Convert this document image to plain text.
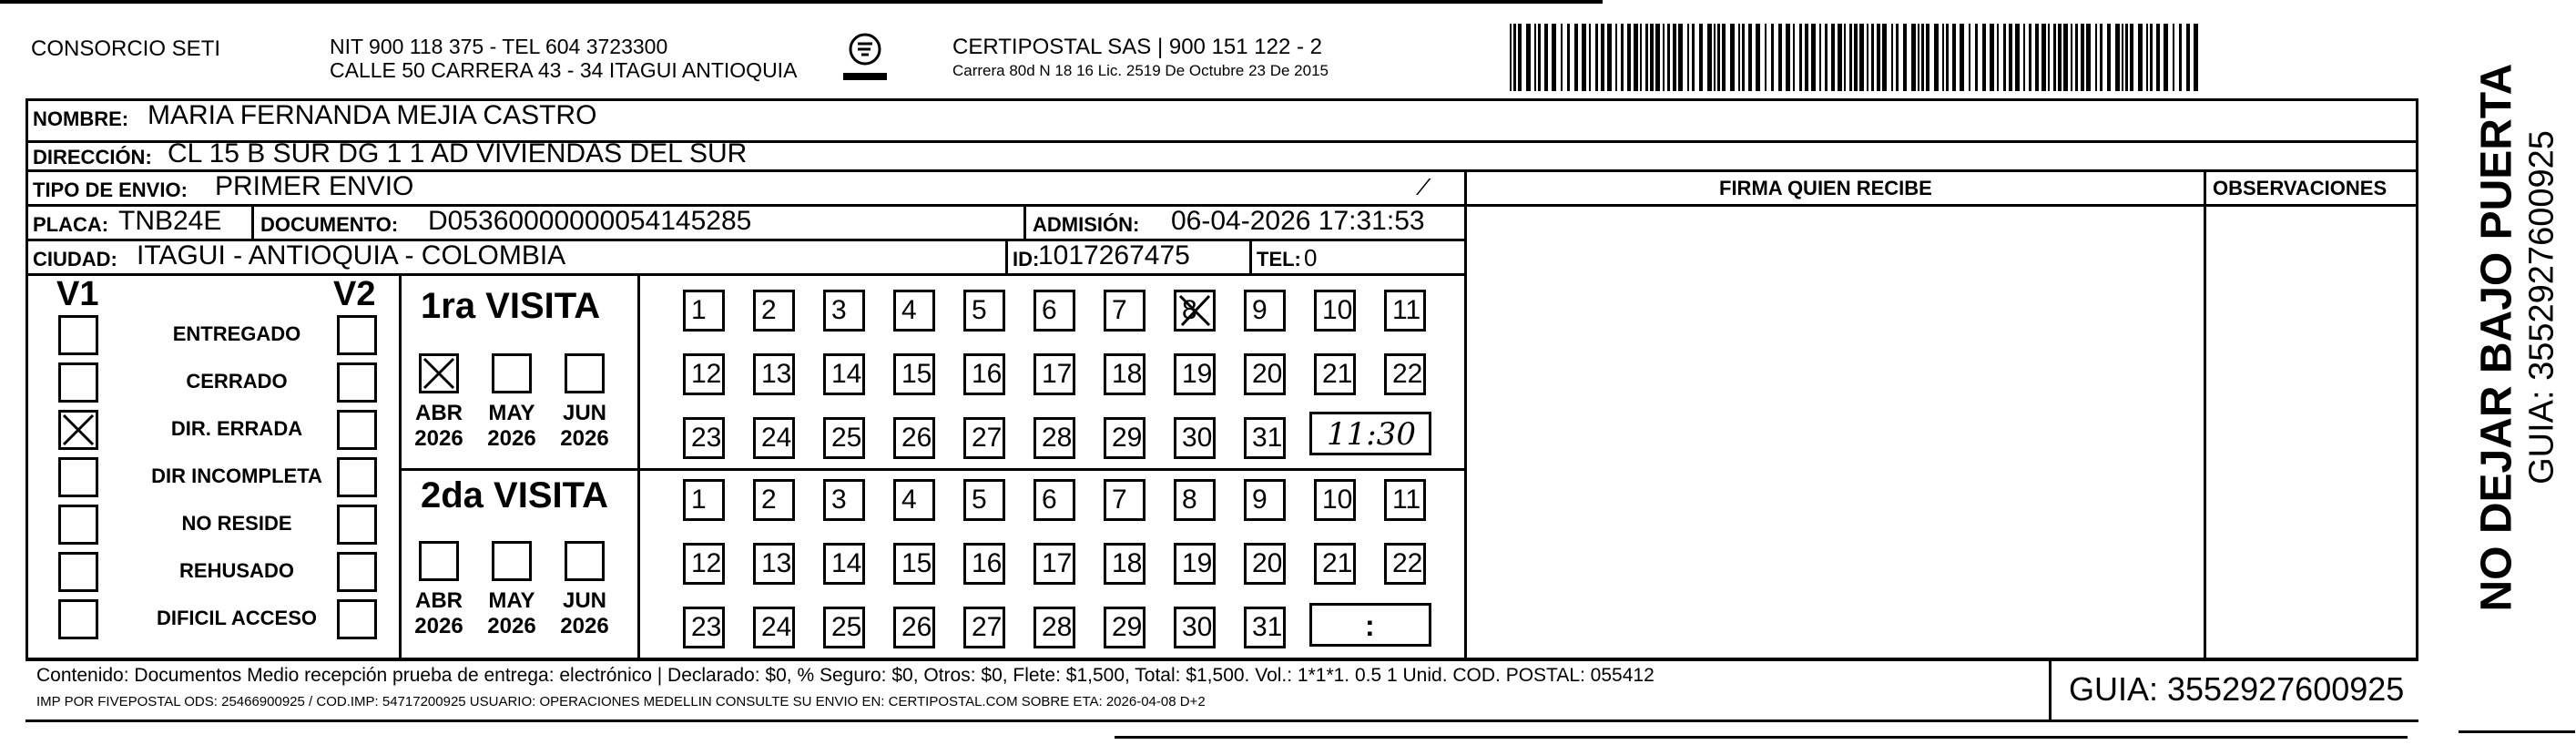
CONSORCIO SETI	NIT 900 118 375 - TEL 604 3723300
CALLE 50 CARRERA 43 - 34 ITAGUI ANTIOQUIA
CERTIPOSTAL SAS | 900 151 122 - 2
Carrera 80d N 18 16 Lic. 2519 De Octubre 23 De 2015
NOMBRE: MARIA FERNANDA MEJIA CASTRO
DIRECCIÓN: CL 15 B SUR DG 1 1 AD VIVIENDAS DEL SUR
TIPO DE ENVIO: PRIMER ENVIO	⁄	FIRMA QUIEN RECIBE	OBSERVACIONES
PLACA: TNB24E DOCUMENTO: D05360000000054145285	ADMISIÓN: 06-04-2026 17:31:53
CIUDAD: ITAGUI - ANTIOQUIA - COLOMBIA	ID:
1017267475	TEL: 0
V1	V2
ENTREGADO
CERRADO
DIR. ERRADA
DIR INCOMPLETA
NO RESIDE
REHUSADO
DIFICIL ACCESO
1ra VISITA
2da VISITA
ABR
2026
MAY
2026
JUN
2026
ABR
2026
MAY
2026
JUN
2026
1	2	3	4	5	6	7	8	9	10	11
12	13	14	15	16	17	18	19	20	21	22
23	24	25	26	27	28	29	30	31
1	2	3	4	5	6	7	8	9	10	11
12	13	14	15	16	17	18	19	20	21	22
23	24	25	26	27	28	29	30	31
11:30
:
Contenido: Documentos Medio recepción prueba de entrega: electrónico | Declarado: $0, % Seguro: $0, Otros: $0, Flete: $1,500, Total: $1,500. Vol.: 1*1*1. 0.5 1 Unid. COD. POSTAL: 055412
IMP POR FIVEPOSTAL ODS: 25466900925 / COD.IMP: 54717200925 USUARIO: OPERACIONES MEDELLIN CONSULTE SU ENVIO EN: CERTIPOSTAL.COM SOBRE ETA: 2026-04-08 D+2	GUIA: 3552927600925
NO DEJAR BAJO PUERTA GUIA: 3552927600925
